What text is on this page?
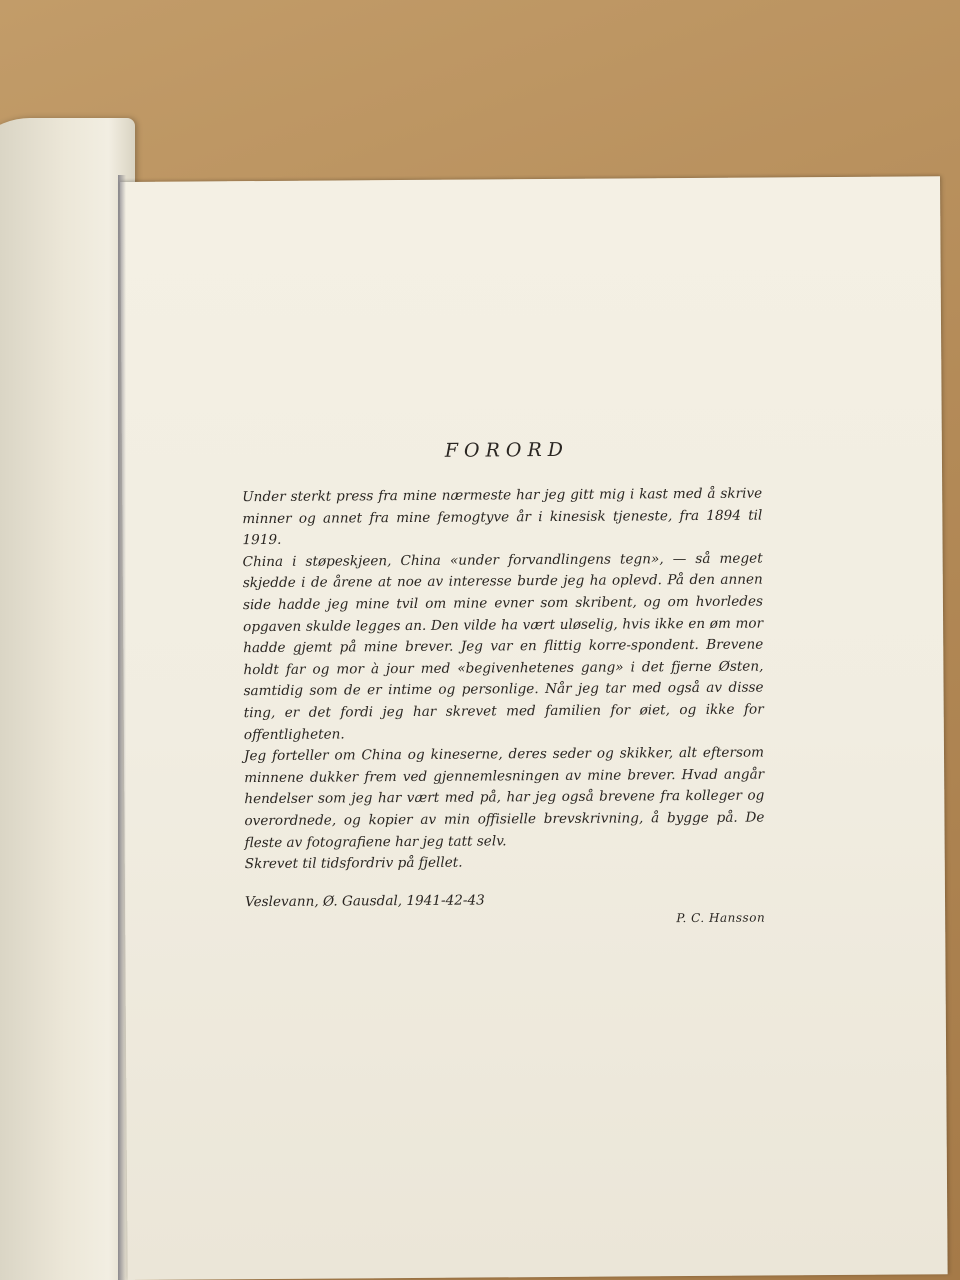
FORORD

Under sterkt press fra mine nærmeste har jeg gitt mig i kast med å skrive minner og annet fra mine femogtyve år i kinesisk tjeneste, fra 1894 til 1919.

China i støpeskjeen, China «under forvandlingens tegn», — så meget skjedde i de årene at noe av interesse burde jeg ha oplevd. På den annen side hadde jeg mine tvil om mine evner som skribent, og om hvorledes opgaven skulde legges an. Den vilde ha vært uløselig, hvis ikke en øm mor hadde gjemt på mine brever. Jeg var en flittig korre-spondent. Brevene holdt far og mor à jour med «begivenhetenes gang» i det fjerne Østen, samtidig som de er intime og personlige. Når jeg tar med også av disse ting, er det fordi jeg har skrevet med familien for øiet, og ikke for offentligheten.

Jeg forteller om China og kineserne, deres seder og skikker, alt eftersom minnene dukker frem ved gjennemlesningen av mine brever. Hvad angår hendelser som jeg har vært med på, har jeg også brevene fra kolleger og overordnede, og kopier av min offisielle brevskrivning, å bygge på. De fleste av fotografiene har jeg tatt selv.

Skrevet til tidsfordriv på fjellet.

Veslevann, Ø. Gausdal, 1941-42-43

P. C. Hansson
